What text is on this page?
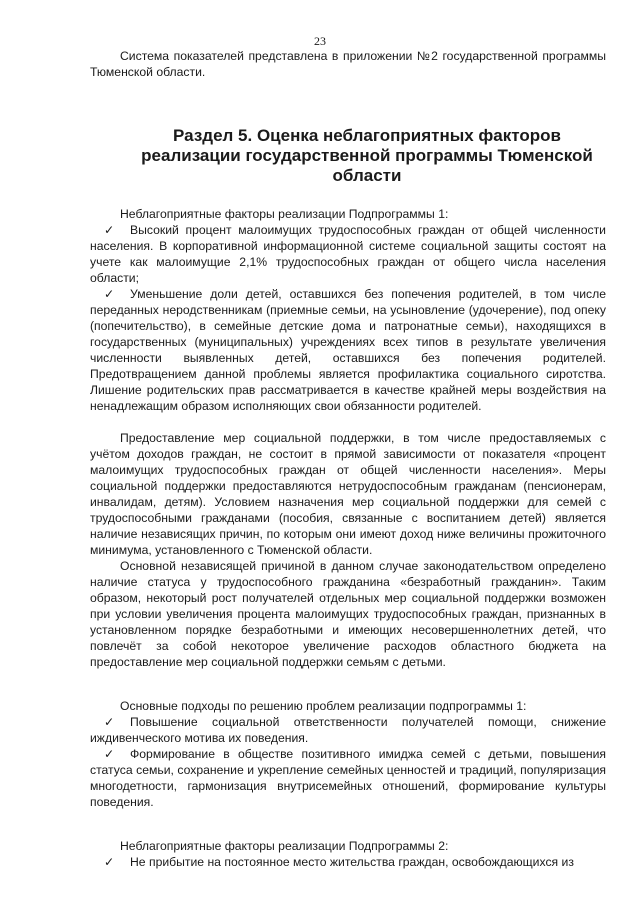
23

Система показателей представлена в приложении №2 государственной программы Тюменской области.

Раздел 5. Оценка неблагоприятных факторов реализации государственной программы Тюменской области

Неблагоприятные факторы реализации Подпрограммы 1:

✓ Высокий процент малоимущих трудоспособных граждан от общей численности населения. В корпоративной информационной системе социальной защиты состоят на учете как малоимущие 2,1% трудоспособных граждан от общего числа населения области;

✓ Уменьшение доли детей, оставшихся без попечения родителей, в том числе переданных неродственникам (приемные семьи, на усыновление (удочерение), под опеку (попечительство), в семейные детские дома и патронатные семьи), находящихся в государственных (муниципальных) учреждениях всех типов в результате увеличения численности выявленных детей, оставшихся без попечения родителей. Предотвращением данной проблемы является профилактика социального сиротства. Лишение родительских прав рассматривается в качестве крайней меры воздействия на ненадлежащим образом исполняющих свои обязанности родителей.

Предоставление мер социальной поддержки, в том числе предоставляемых с учётом доходов граждан, не состоит в прямой зависимости от показателя «процент малоимущих трудоспособных граждан от общей численности населения». Меры социальной поддержки предоставляются нетрудоспособным гражданам (пенсионерам, инвалидам, детям). Условием назначения мер социальной поддержки для семей с трудоспособными гражданами (пособия, связанные с воспитанием детей) является наличие независящих причин, по которым они имеют доход ниже величины прожиточного минимума, установленного с Тюменской области.

Основной независящей причиной в данном случае законодательством определено наличие статуса у трудоспособного гражданина «безработный гражданин». Таким образом, некоторый рост получателей отдельных мер социальной поддержки возможен при условии увеличения процента малоимущих трудоспособных граждан, признанных в установленном порядке безработными и имеющих несовершеннолетних детей, что повлечёт за собой некоторое увеличение расходов областного бюджета на предоставление мер социальной поддержки семьям с детьми.

Основные подходы по решению проблем реализации подпрограммы 1:

✓ Повышение социальной ответственности получателей помощи, снижение иждивенческого мотива их поведения.

✓ Формирование в обществе позитивного имиджа семей с детьми, повышения статуса семьи, сохранение и укрепление семейных ценностей и традиций, популяризация многодетности, гармонизация внутрисемейных отношений, формирование культуры поведения.

Неблагоприятные факторы реализации Подпрограммы 2:

✓ Не прибытие на постоянное место жительства граждан, освобождающихся из
